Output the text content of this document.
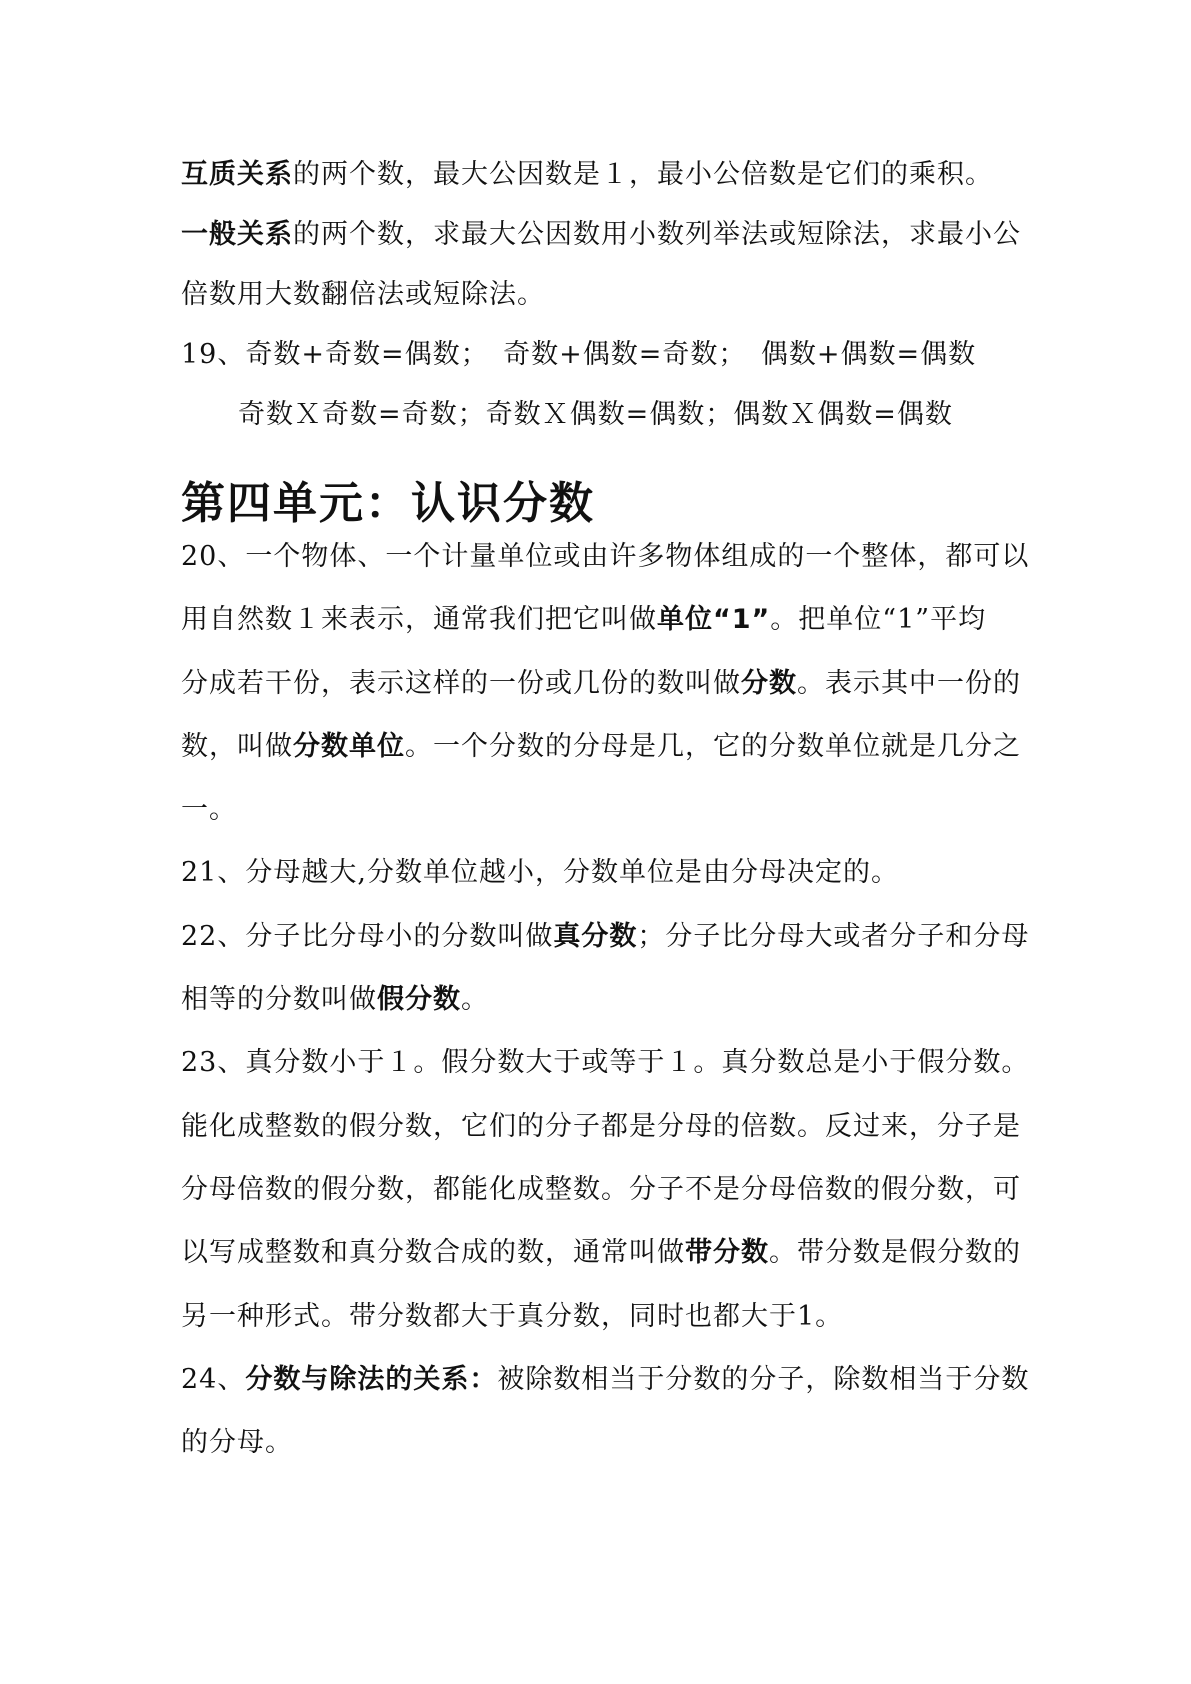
互质关系的两个数，最大公因数是１，最小公倍数是它们的乘积。
一般关系的两个数，求最大公因数用小数列举法或短除法，求最小公
倍数用大数翻倍法或短除法。
19、奇数+奇数=偶数；　奇数+偶数=奇数；　偶数+偶数=偶数
奇数Ｘ奇数=奇数；奇数Ｘ偶数=偶数；偶数Ｘ偶数=偶数
第四单元：认识分数
20、一个物体、一个计量单位或由许多物体组成的一个整体，都可以
用自然数１来表示，通常我们把它叫做单位“1”。把单位“1”平均
分成若干份，表示这样的一份或几份的数叫做分数。表示其中一份的
数，叫做分数单位。一个分数的分母是几，它的分数单位就是几分之
一。
21、分母越大,分数单位越小，分数单位是由分母决定的。
22、分子比分母小的分数叫做真分数；分子比分母大或者分子和分母
相等的分数叫做假分数。
23、真分数小于１。假分数大于或等于１。真分数总是小于假分数。
能化成整数的假分数，它们的分子都是分母的倍数。反过来，分子是
分母倍数的假分数，都能化成整数。分子不是分母倍数的假分数，可
以写成整数和真分数合成的数，通常叫做带分数。带分数是假分数的
另一种形式。带分数都大于真分数，同时也都大于1。
24、分数与除法的关系：被除数相当于分数的分子，除数相当于分数
的分母。
